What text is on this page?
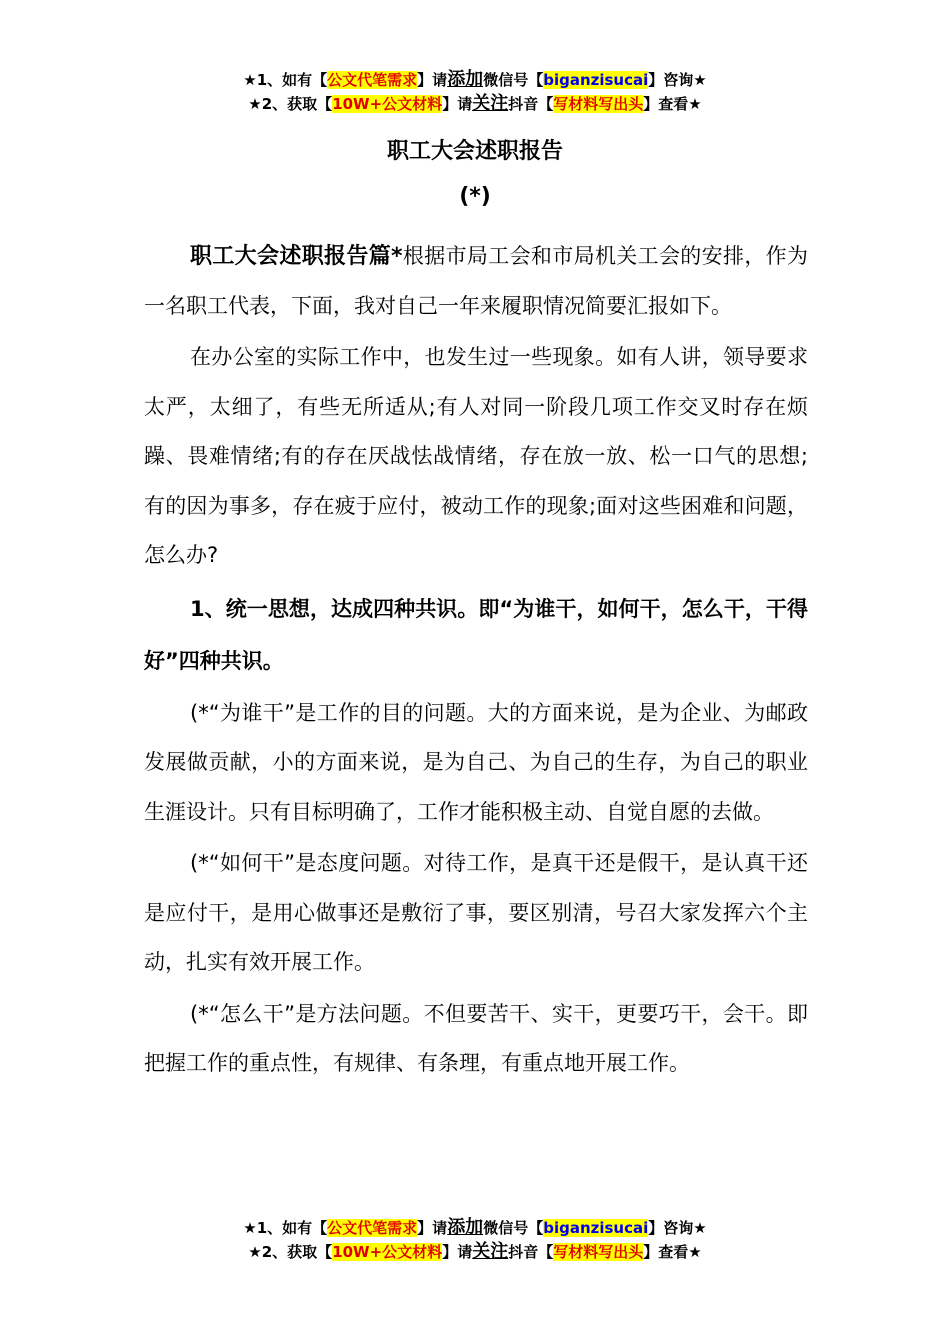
★1、如有【公文代笔需求】请添加微信号【biganzisucai】咨询★
★2、获取【10W+公文材料】请关注抖音【写材料写出头】查看★
职工大会述职报告
(*)

职工大会述职报告篇*根据市局工会和市局机关工会的安排，作为一名职工代表，下面，我对自己一年来履职情况简要汇报如下。

在办公室的实际工作中，也发生过一些现象。如有人讲，领导要求太严，太细了，有些无所适从;有人对同一阶段几项工作交叉时存在烦躁、畏难情绪;有的存在厌战怯战情绪，存在放一放、松一口气的思想;有的因为事多，存在疲于应付，被动工作的现象;面对这些困难和问题，怎么办?

1、统一思想，达成四种共识。即“为谁干，如何干，怎么干，干得好”四种共识。

(*“为谁干”是工作的目的问题。大的方面来说，是为企业、为邮政发展做贡献，小的方面来说，是为自己、为自己的生存，为自己的职业生涯设计。只有目标明确了，工作才能积极主动、自觉自愿的去做。

(*“如何干”是态度问题。对待工作，是真干还是假干，是认真干还是应付干，是用心做事还是敷衍了事，要区别清，号召大家发挥六个主动，扎实有效开展工作。

(*“怎么干”是方法问题。不但要苦干、实干，更要巧干，会干。即把握工作的重点性，有规律、有条理，有重点地开展工作。

★1、如有【公文代笔需求】请添加微信号【biganzisucai】咨询★
★2、获取【10W+公文材料】请关注抖音【写材料写出头】查看★
